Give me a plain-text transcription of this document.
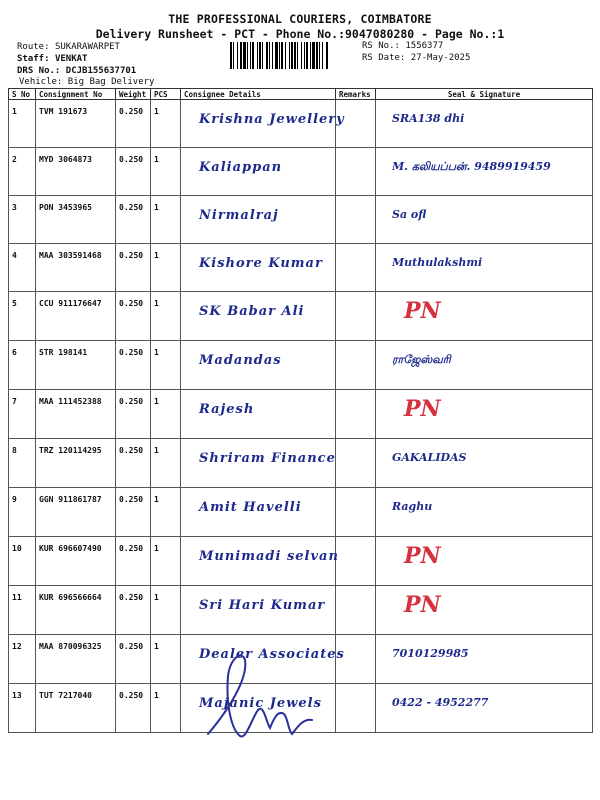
THE PROFESSIONAL COURIERS, COIMBATORE
Delivery Runsheet - PCT - Phone No.:9047080280 - Page No.:1
Route: SUKARAWARPET
Staff: VENKAT
DRS No.: DCJB155637701
Vehicle: Big Bag Delivery
RS No.: 1556377
RS Date: 27-May-2025
S No	Consignment No	Weight	PCS	Consignee Details	Remarks	Seal & Signature
1	TVM 191673	0.250	1	Krishna Jewellery		SRA138 dhi

2	MYD 3064873	0.250	1	Kaliappan		M. கலியப்பன். 9489919459

3	PON 3453965	0.250	1	Nirmalraj		Sa ofl

4	MAA 303591468	0.250	1	Kishore Kumar		Muthulakshmi

5	CCU 911176647	0.250	1	SK Babar Ali		PN

6	STR 198141	0.250	1	Madandas		ராஜேஸ்வரி

7	MAA 111452388	0.250	1	Rajesh		PN

8	TRZ 120114295	0.250	1	Shriram Finance		GAKALIDAS

9	GGN 911861787	0.250	1	Amit Havelli		Raghu

10	KUR 696607490	0.250	1	Munimadi selvan		PN

11	KUR 696566664	0.250	1	Sri Hari Kumar		PN

12	MAA 870096325	0.250	1	Dealer Associates		7010129985

13	TUT 7217040	0.250	1	Majanic Jewels		0422 - 4952277
